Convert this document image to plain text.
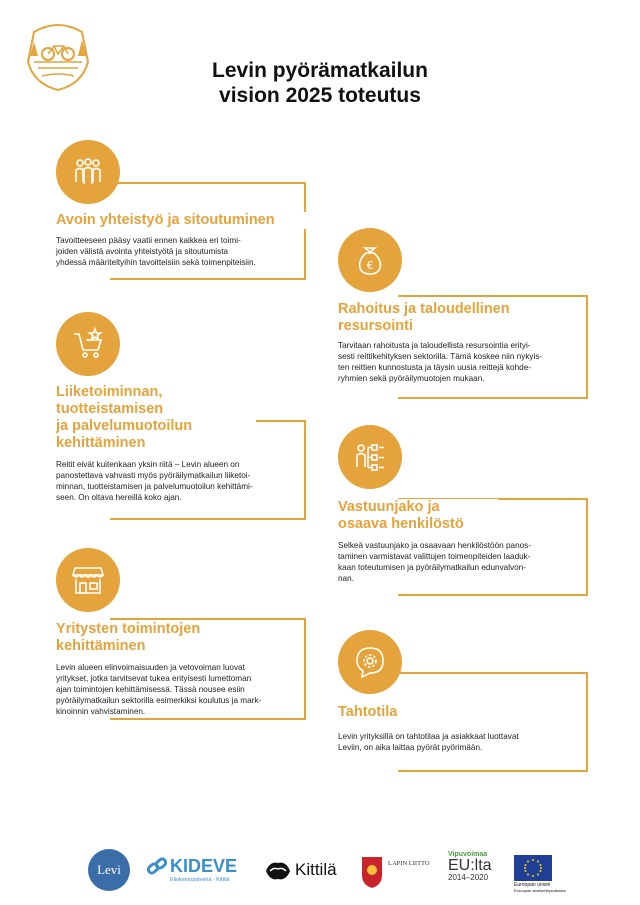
Levin pyörämatkailun
vision 2025 toteutus
Avoin yhteistyö ja sitoutuminen
Tavoitteeseen pääsy vaatii ennen kaikkea eri toimi-
joiden välistä avointa yhteistyötä ja sitoutumista
yhdessä määriteltyihin tavoitteisiin sekä toimenpiteisiin.	€
Rahoitus ja taloudellinen
resursointi
Tarvitaan rahoitusta ja taloudellista resursointia erityi-
sesti reittikehityksen sektorilla. Tämä koskee niin nykyis-
ten reittien kunnostusta ja täysin uusia reittejä kohde-
ryhmien sekä pyöräilymuotojen mukaan.
Liiketoiminnan,
tuotteistamisen
ja palvelumuotoilun
kehittäminen
Reitit eivät kuitenkaan yksin riitä – Levin alueen on
panostettava vahvasti myös pyöräilymatkailun liiketoi-
minnan, tuotteistamisen ja palvelumuotoilun kehittämi-
seen. On oltava hereillä koko ajan.
Vastuunjako ja
osaava henkilöstö
Selkeä vastuunjako ja osaavaan henkilöstöön panos-
taminen varmistavat valittujen toimenpiteiden laaduk-
kaan toteutumisen ja pyöräilymatkailun edunvalvon-
nan.
Yritysten toimintojen
kehittäminen
Levin alueen elinvoimaisuuden ja vetovoiman luovat
yritykset, jotka tarvitsevat tukea erityisesti lumettoman
ajan toimintojen kehittämisessä. Tässä nousee esiin
pyöräilymatkailun sektorilla esimerkiksi koulutus ja mark-
kinoinnin vahvistaminen.	Tahtotila
Levin yrityksillä on tahtotilaa ja asiakkaat luottavat
Leviin, on aika laittaa pyörät pyörimään.
Levi	KIDEVE
Elinkeinopalvelut · Kittilä
Kittilä	LAPIN LIITTO
Vipuvoimaa
EU:lta
2014–2020
Euroopan unioni
Euroopan aluekehitysrahasto
